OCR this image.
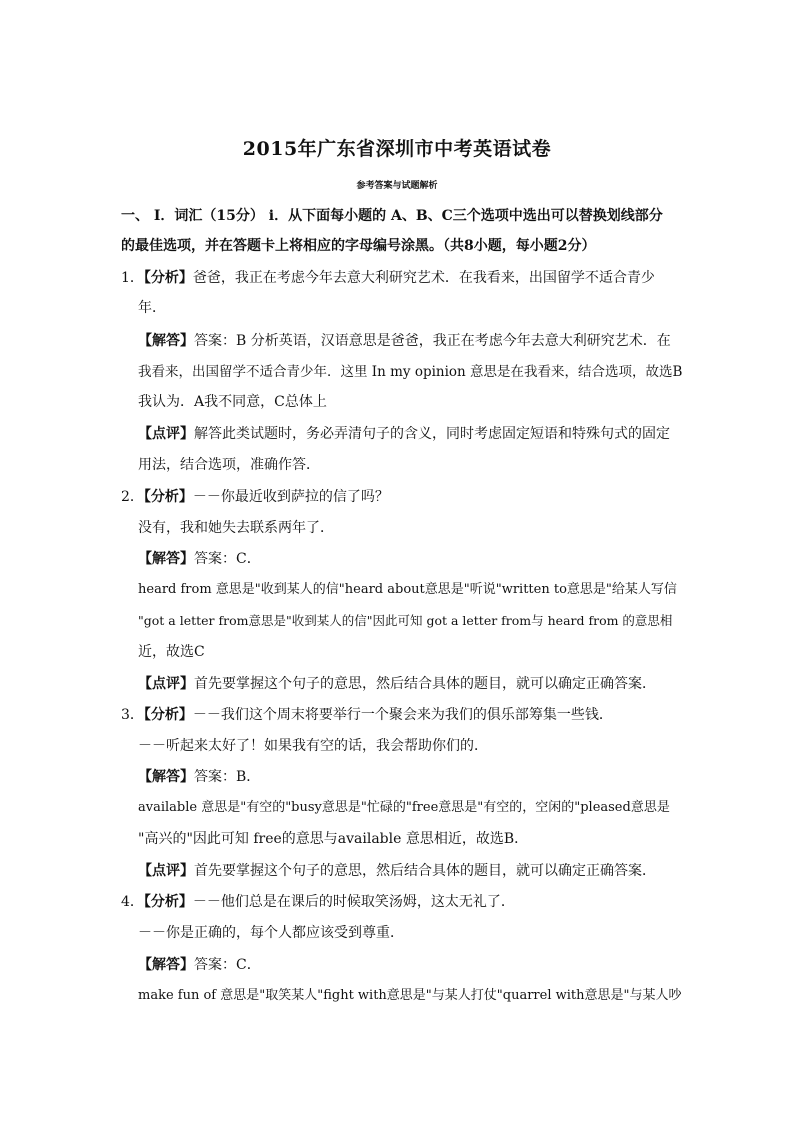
2015年广东省深圳市中考英语试卷
参考答案与试题解析
一、 Ⅰ．词汇（15分） ⅰ．从下面每小题的 A、B、C三个选项中选出可以替换划线部分
的最佳选项，并在答题卡上将相应的字母编号涂黑。（共8小题，每小题2分）
1．【分析】爸爸，我正在考虑今年去意大利研究艺术．在我看来，出国留学不适合青少
年．
【解答】答案：B 分析英语，汉语意思是爸爸，我正在考虑今年去意大利研究艺术．在
我看来，出国留学不适合青少年．这里 In my opinion 意思是在我看来，结合选项，故选B
我认为．A我不同意，C总体上
【点评】解答此类试题时，务必弄清句子的含义，同时考虑固定短语和特殊句式的固定
用法，结合选项，准确作答．
2．【分析】－－你最近收到萨拉的信了吗？
没有，我和她失去联系两年了．
【解答】答案：C．
heard from 意思是"收到某人的信"heard about意思是"听说"written to意思是"给某人写信
"got a letter from意思是"收到某人的信"因此可知 got a letter from与 heard from 的意思相
近，故选C
【点评】首先要掌握这个句子的意思，然后结合具体的题目，就可以确定正确答案．
3．【分析】－－我们这个周末将要举行一个聚会来为我们的俱乐部筹集一些钱．
－－听起来太好了！如果我有空的话，我会帮助你们的．
【解答】答案：B．
available 意思是"有空的"busy意思是"忙碌的"free意思是"有空的，空闲的"pleased意思是
"高兴的"因此可知 free的意思与available 意思相近，故选B．
【点评】首先要掌握这个句子的意思，然后结合具体的题目，就可以确定正确答案．
4．【分析】－－他们总是在课后的时候取笑汤姆，这太无礼了．
－－你是正确的，每个人都应该受到尊重．
【解答】答案：C．
make fun of 意思是"取笑某人"fight with意思是"与某人打仗"quarrel with意思是"与某人吵
